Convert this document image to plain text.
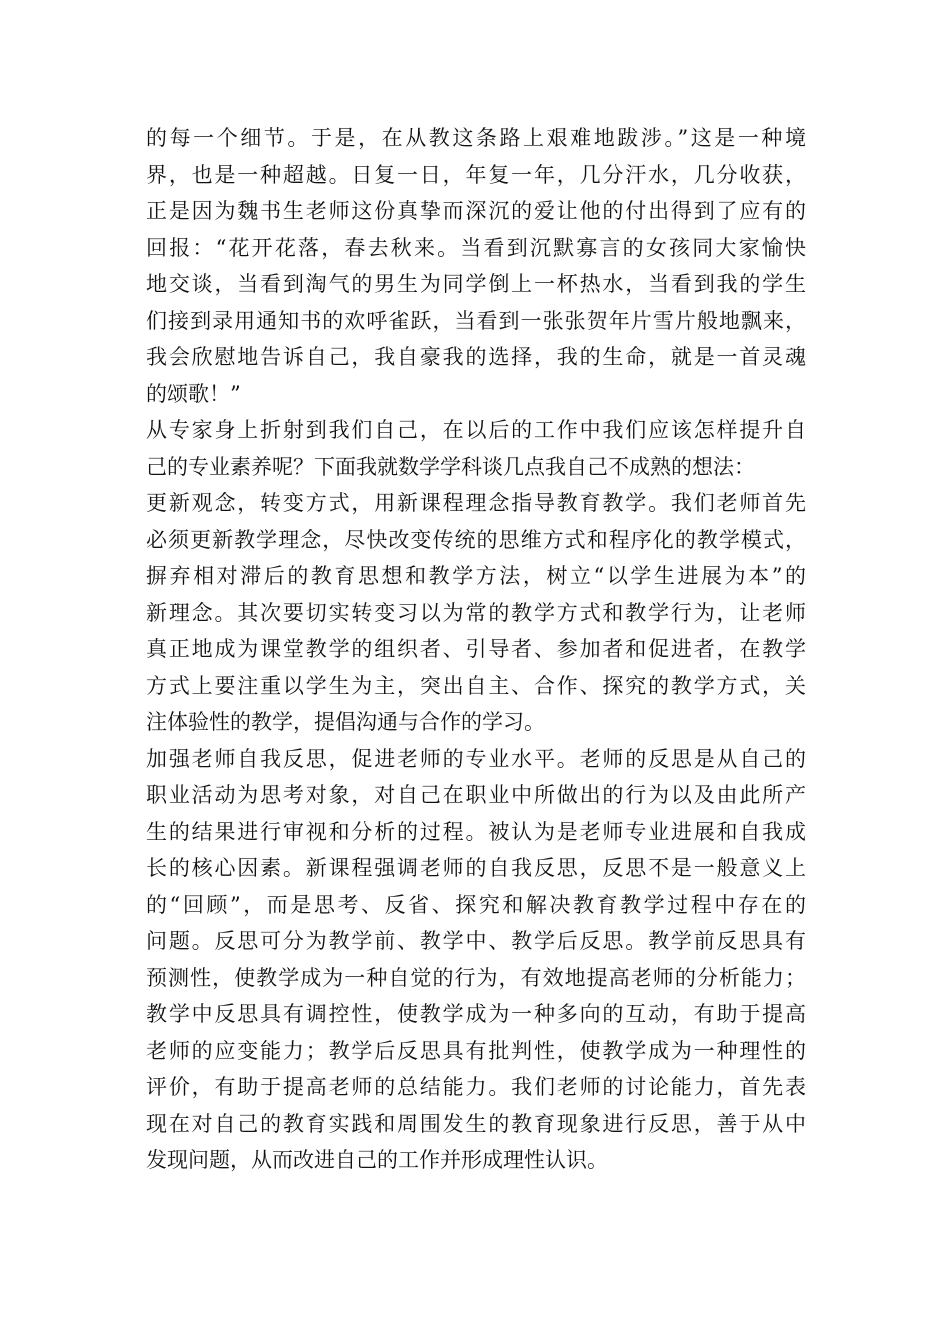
的每一个细节。于是，在从教这条路上艰难地跋涉。”这是一种境
界，也是一种超越。日复一日，年复一年，几分汗水，几分收获，
正是因为魏书生老师这份真挚而深沉的爱让他的付出得到了应有的
回报：“花开花落，春去秋来。当看到沉默寡言的女孩同大家愉快
地交谈，当看到淘气的男生为同学倒上一杯热水，当看到我的学生
们接到录用通知书的欢呼雀跃，当看到一张张贺年片雪片般地飘来，
我会欣慰地告诉自己，我自豪我的选择，我的生命，就是一首灵魂
的颂歌！”
从专家身上折射到我们自己，在以后的工作中我们应该怎样提升自
己的专业素养呢？下面我就数学学科谈几点我自己不成熟的想法：
更新观念，转变方式，用新课程理念指导教育教学。我们老师首先
必须更新教学理念，尽快改变传统的思维方式和程序化的教学模式，
摒弃相对滞后的教育思想和教学方法，树立“以学生进展为本”的
新理念。其次要切实转变习以为常的教学方式和教学行为，让老师
真正地成为课堂教学的组织者、引导者、参加者和促进者，在教学
方式上要注重以学生为主，突出自主、合作、探究的教学方式，关
注体验性的教学，提倡沟通与合作的学习。
加强老师自我反思，促进老师的专业水平。老师的反思是从自己的
职业活动为思考对象，对自己在职业中所做出的行为以及由此所产
生的结果进行审视和分析的过程。被认为是老师专业进展和自我成
长的核心因素。新课程强调老师的自我反思，反思不是一般意义上
的“回顾”，而是思考、反省、探究和解决教育教学过程中存在的
问题。反思可分为教学前、教学中、教学后反思。教学前反思具有
预测性，使教学成为一种自觉的行为，有效地提高老师的分析能力；
教学中反思具有调控性，使教学成为一种多向的互动，有助于提高
老师的应变能力；教学后反思具有批判性，使教学成为一种理性的
评价，有助于提高老师的总结能力。我们老师的讨论能力，首先表
现在对自己的教育实践和周围发生的教育现象进行反思，善于从中
发现问题，从而改进自己的工作并形成理性认识。
